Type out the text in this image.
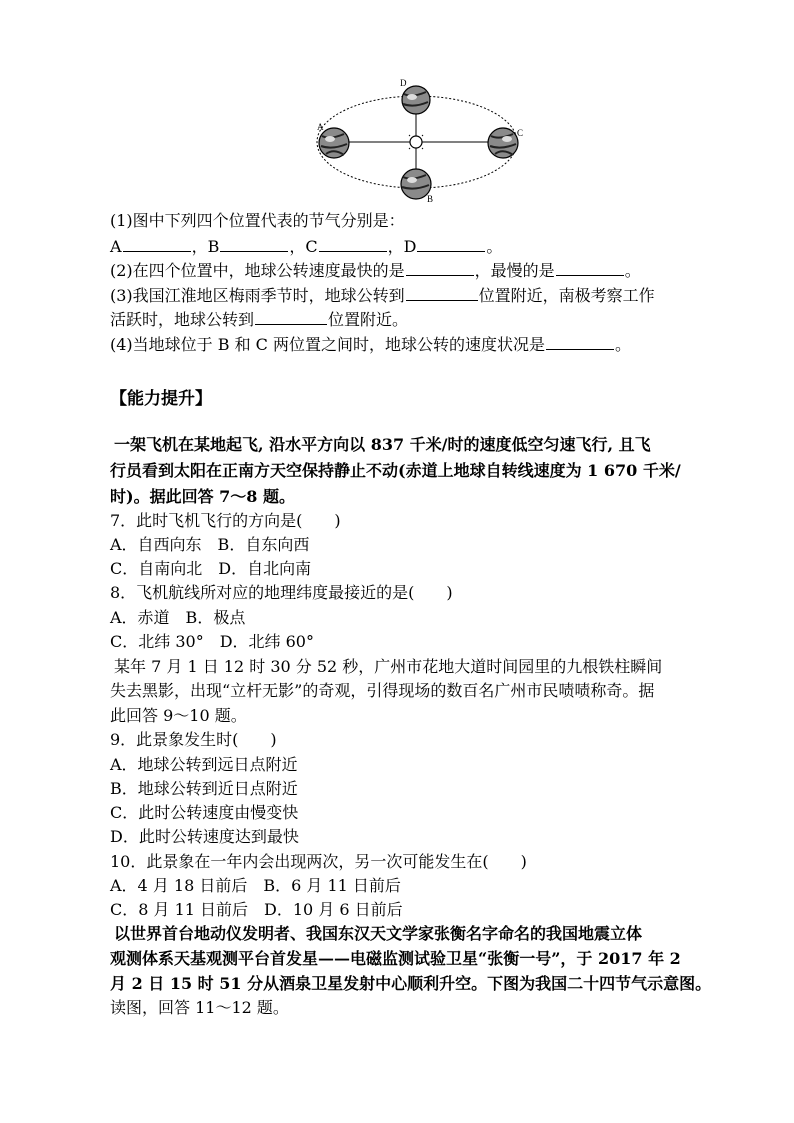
A
D
C
B
(1)图中下列四个位置代表的节气分别是：
A	，B	，C	，D	。
(2)在四个位置中，地球公转速度最快的是	，最慢的是	。
(3)我国江淮地区梅雨季节时，地球公转到	位置附近，南极考察工作
活跃时，地球公转到	位置附近。
(4)当地球位于 B 和 C 两位置之间时，地球公转的速度状况是	。
【能力提升】
一架飞机在某地起飞, 沿水平方向以 837 千米/时的速度低空匀速飞行, 且飞
行员看到太阳在正南方天空保持静止不动(赤道上地球自转线速度为 1 670 千米/
时)。据此回答 7～8 题。
7．此时飞机飞行的方向是(　　)
A．自西向东　B．自东向西
C．自南向北　D．自北向南
8．飞机航线所对应的地理纬度最接近的是(　　)
A．赤道　B．极点
C．北纬 30°　D．北纬 60°
某年 7 月 1 日 12 时 30 分 52 秒，广州市花地大道时间园里的九根铁柱瞬间
失去黑影，出现“立杆无影”的奇观，引得现场的数百名广州市民啧啧称奇。据
此回答 9～10 题。
9．此景象发生时(　　)
A．地球公转到远日点附近
B．地球公转到近日点附近
C．此时公转速度由慢变快
D．此时公转速度达到最快
10．此景象在一年内会出现两次，另一次可能发生在(　　)
A．4 月 18 日前后　B．6 月 11 日前后
C．8 月 11 日前后　D．10 月 6 日前后
以世界首台地动仪发明者、我国东汉天文学家张衡名字命名的我国地震立体
观测体系天基观测平台首发星——电磁监测试验卫星“张衡一号”，于 2017 年 2
月 2 日 15 时 51 分从酒泉卫星发射中心顺利升空。下图为我国二十四节气示意图。
读图，回答 11～12 题。
